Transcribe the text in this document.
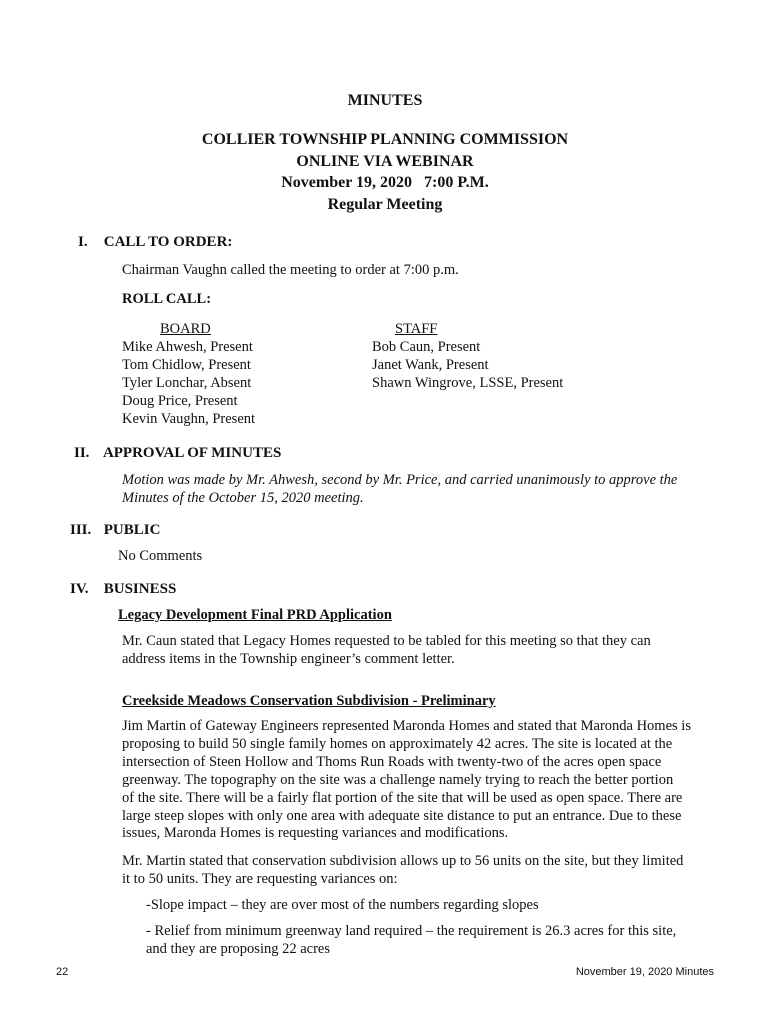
MINUTES
COLLIER TOWNSHIP PLANNING COMMISSION
ONLINE VIA WEBINAR
November 19, 2020   7:00 P.M.
Regular Meeting
I. CALL TO ORDER:
Chairman Vaughn called the meeting to order at 7:00 p.m.
ROLL CALL:
BOARD	STAFF
Mike Ahwesh, Present
Tom Chidlow, Present
Tyler Lonchar, Absent
Doug Price, Present
Kevin Vaughn, Present
Bob Caun, Present
Janet Wank, Present
Shawn Wingrove, LSSE, Present
II. APPROVAL OF MINUTES
Motion was made by Mr. Ahwesh, second by Mr. Price, and carried unanimously to approve the
Minutes of the October 15, 2020 meeting.
III. PUBLIC
No Comments
IV. BUSINESS
Legacy Development Final PRD Application
Mr. Caun stated that Legacy Homes requested to be tabled for this meeting so that they can
address items in the Township engineer’s comment letter.
Creekside Meadows Conservation Subdivision - Preliminary
Jim Martin of Gateway Engineers represented Maronda Homes and stated that Maronda Homes is
proposing to build 50 single family homes on approximately 42 acres. The site is located at the
intersection of Steen Hollow and Thoms Run Roads with twenty-two of the acres open space
greenway. The topography on the site was a challenge namely trying to reach the better portion
of the site. There will be a fairly flat portion of the site that will be used as open space. There are
large steep slopes with only one area with adequate site distance to put an entrance. Due to these
issues, Maronda Homes is requesting variances and modifications.
Mr. Martin stated that conservation subdivision allows up to 56 units on the site, but they limited
it to 50 units. They are requesting variances on:
-Slope impact – they are over most of the numbers regarding slopes
- Relief from minimum greenway land required – the requirement is 26.3 acres for this site,
and they are proposing 22 acres
22	November 19, 2020 Minutes
